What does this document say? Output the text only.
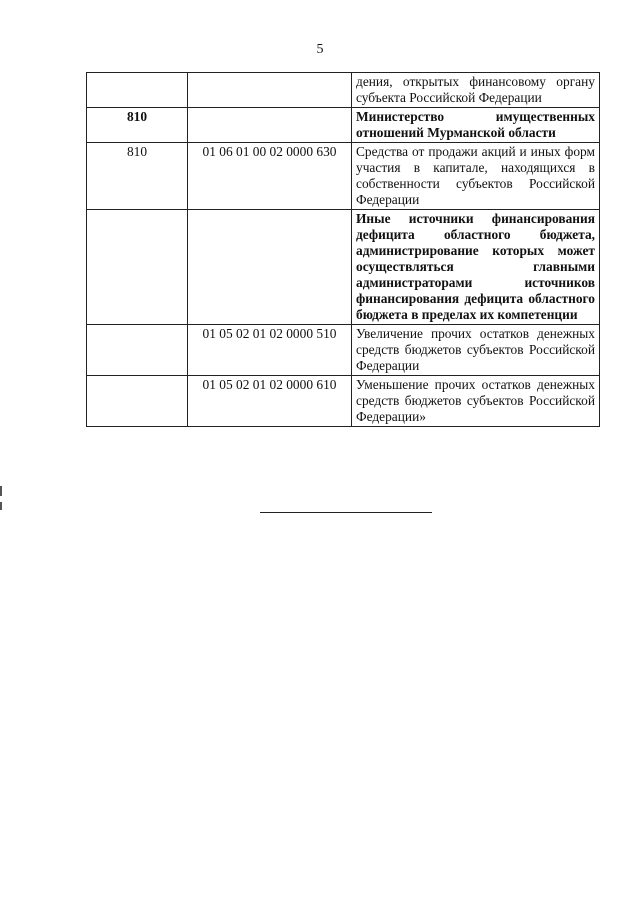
5
		дения, открытых финансовому органу субъекта Российской Федерации
810		Министерство имущественных отношений Мурманской области
810	01 06 01 00 02 0000 630	Средства от продажи акций и иных форм участия в капитале, находящихся в собственности субъектов Российской Федерации
		Иные источники финансирования дефицита областного бюджета, администрирование которых может осуществляться главными администраторами источников финансирования дефицита областного бюджета в пределах их компетенции
	01 05 02 01 02 0000 510	Увеличение прочих остатков денежных средств бюджетов субъектов Российской Федерации
	01 05 02 01 02 0000 610	Уменьшение прочих остатков денежных средств бюджетов субъектов Российской Федерации»
